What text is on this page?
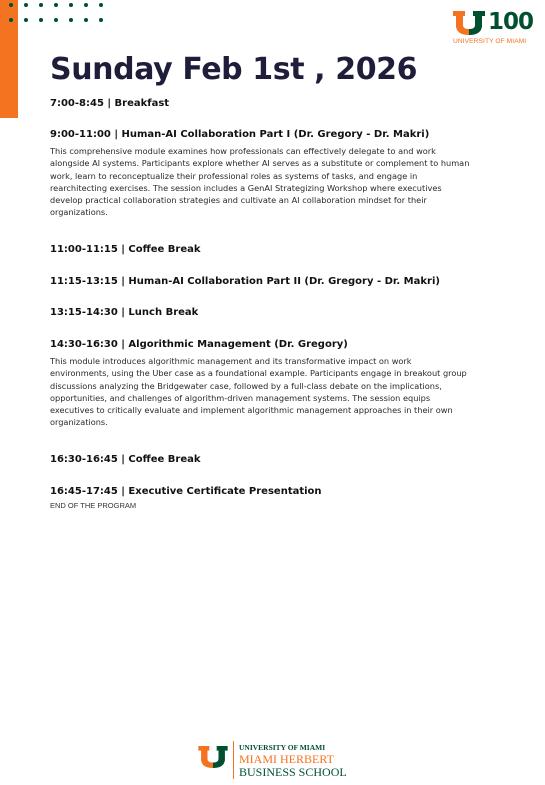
100
UNIVERSITY OF MIAMI
Sunday Feb 1st , 2026
7:00-8:45 | Breakfast
9:00-11:00 | Human-AI Collaboration Part I (Dr. Gregory - Dr. Makri)
This comprehensive module examines how professionals can effectively delegate to and work
alongside AI systems. Participants explore whether AI serves as a substitute or complement to human
work, learn to reconceptualize their professional roles as systems of tasks, and engage in
rearchitecting exercises. The session includes a GenAI Strategizing Workshop where executives
develop practical collaboration strategies and cultivate an AI collaboration mindset for their
organizations.
11:00-11:15 | Coffee Break
11:15-13:15 | Human-AI Collaboration Part II (Dr. Gregory - Dr. Makri)
13:15-14:30 | Lunch Break
14:30-16:30 | Algorithmic Management (Dr. Gregory)
This module introduces algorithmic management and its transformative impact on work
environments, using the Uber case as a foundational example. Participants engage in breakout group
discussions analyzing the Bridgewater case, followed by a full-class debate on the implications,
opportunities, and challenges of algorithm-driven management systems. The session equips
executives to critically evaluate and implement algorithmic management approaches in their own
organizations.
16:30-16:45 | Coffee Break
16:45-17:45 | Executive Certificate Presentation
END OF THE PROGRAM
UNIVERSITY OF MIAMI
MIAMI HERBERT
BUSINESS SCHOOL
